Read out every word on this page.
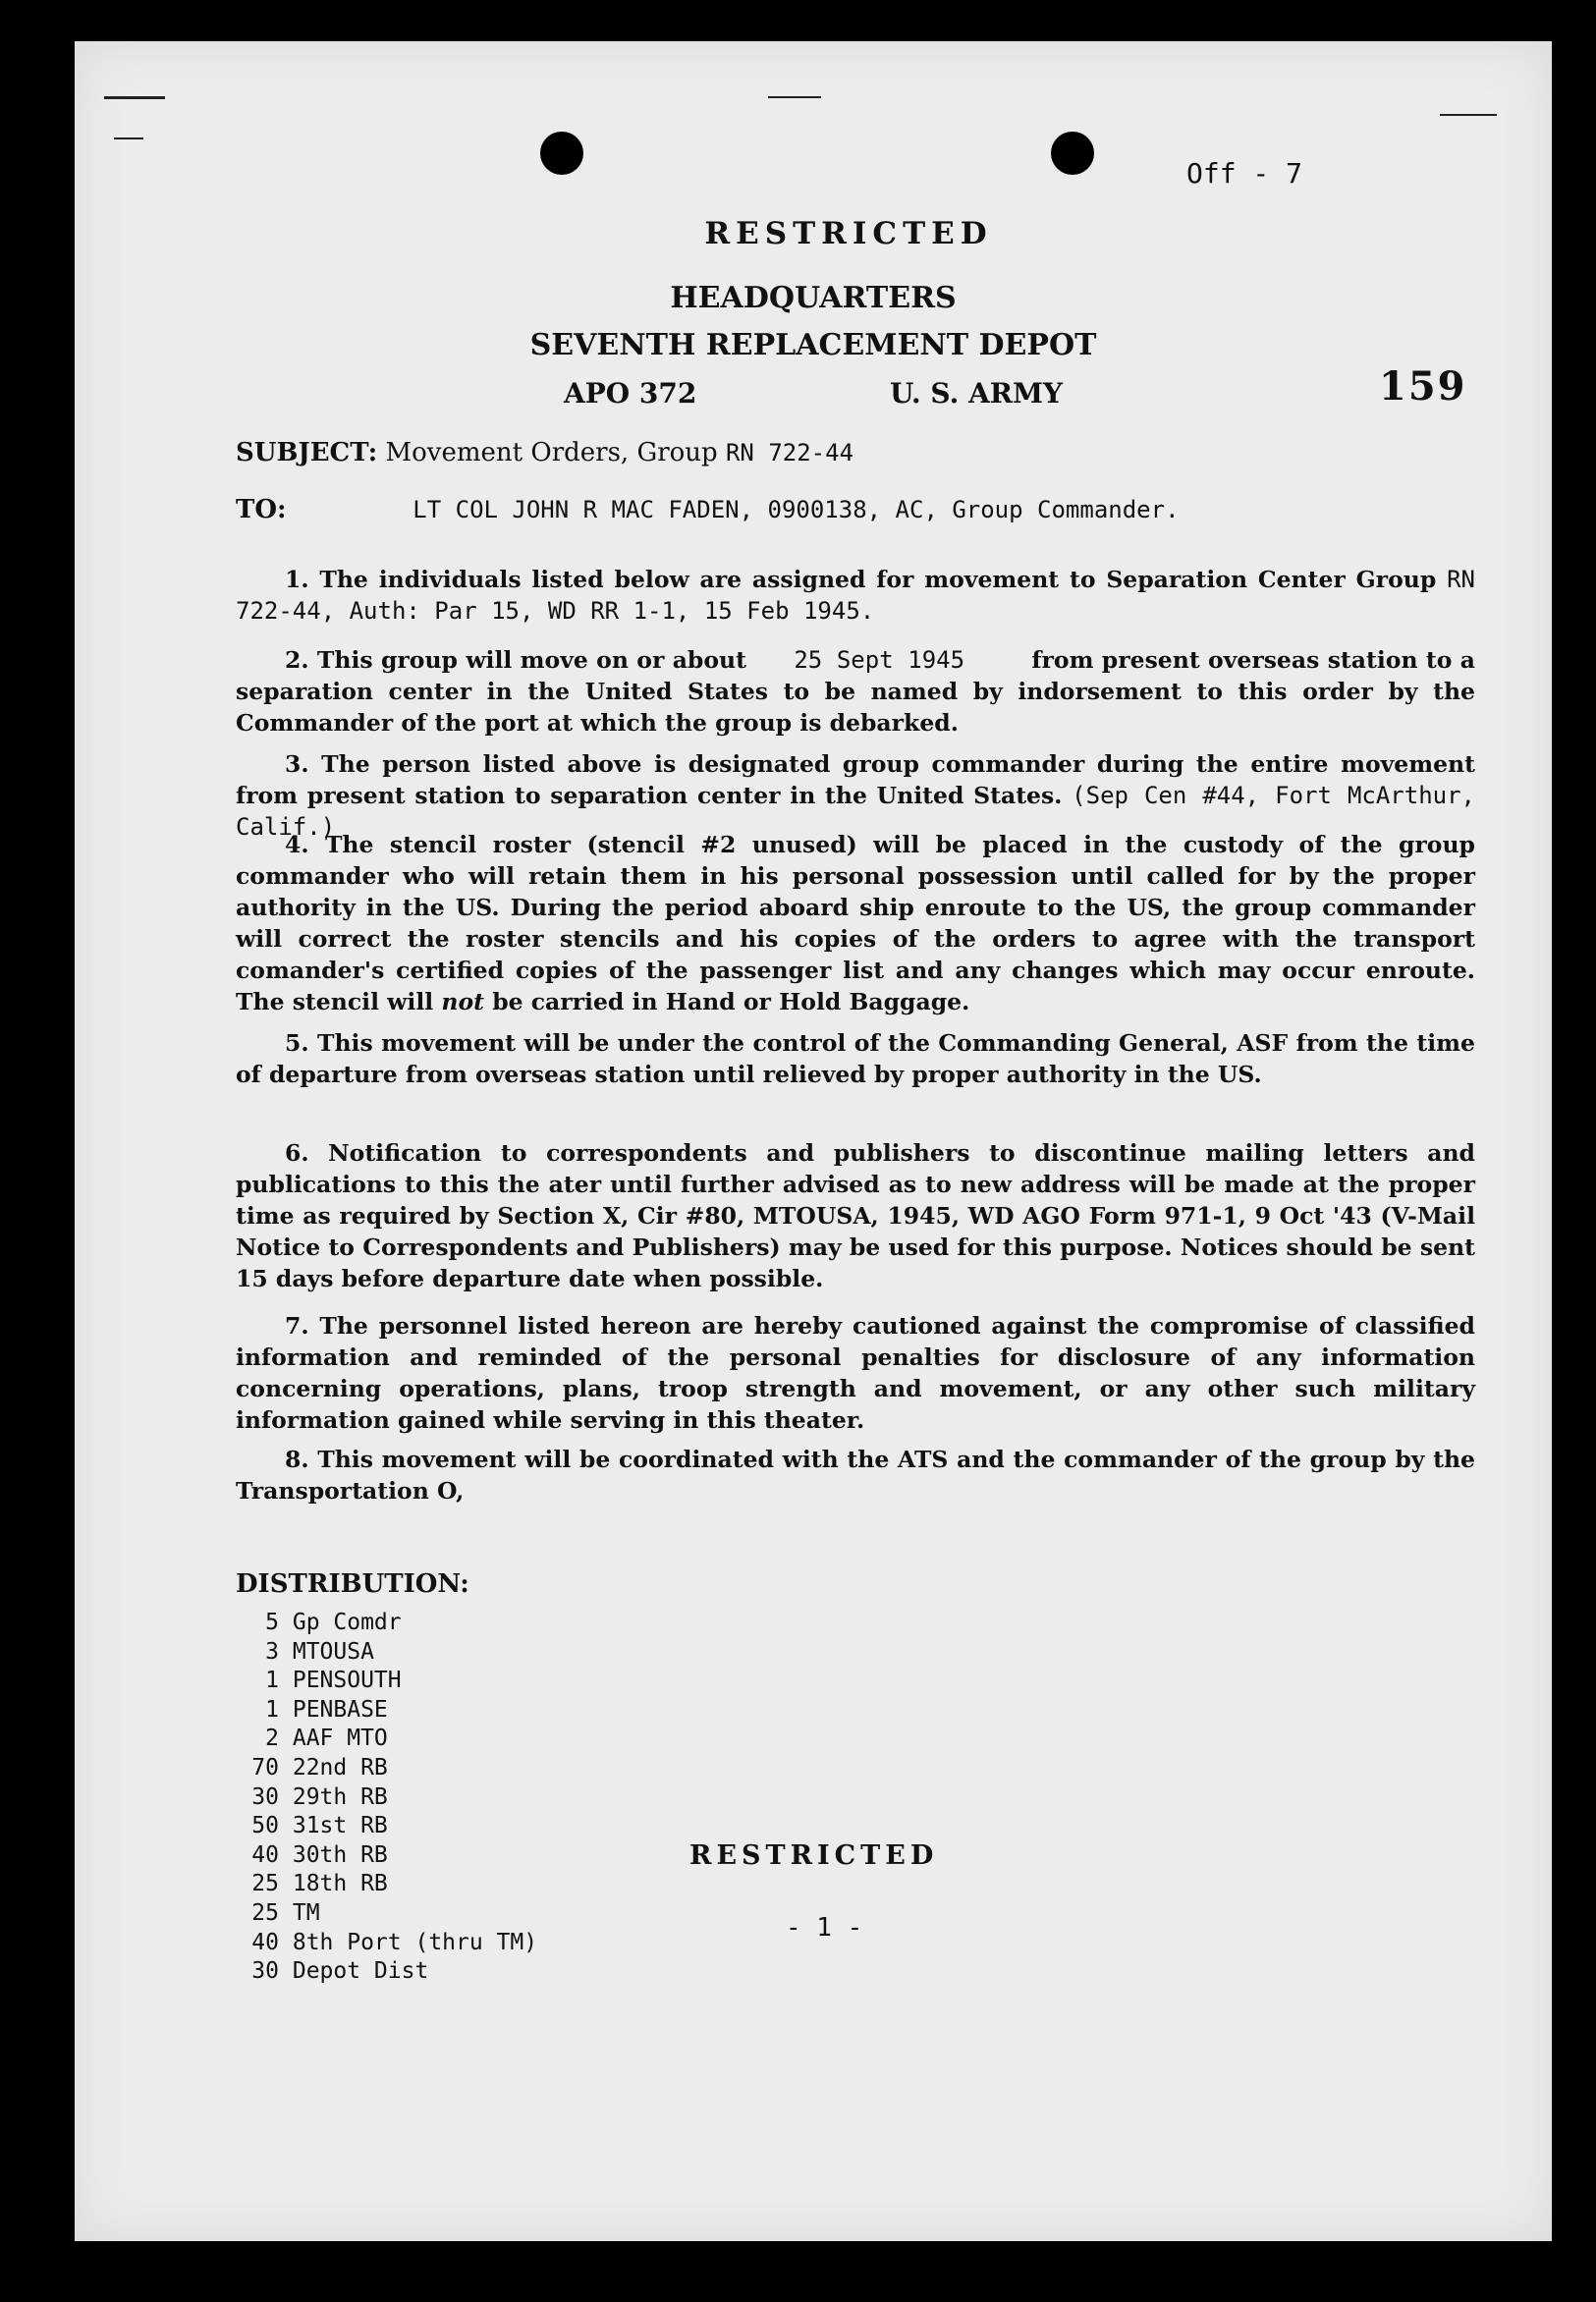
Off - 7
159
RESTRICTED
HEADQUARTERS
SEVENTH REPLACEMENT DEPOT
APO 372	U. S. ARMY
SUBJECT: Movement Orders, Group RN 722-44
TO:	LT COL JOHN R MAC FADEN, 0900138, AC, Group Commander.
1. The individuals listed below are assigned for movement to Separation Center Group RN 722-44, Auth: Par 15, WD RR 1-1, 15 Feb 1945.
2. This group will move on or about 25 Sept 1945	from present overseas station to a separation center in the United States to be named by indorsement to this order by the Commander of the port at which the group is debarked.
3. The person listed above is designated group commander during the entire movement from present station to separation center in the United States. (Sep Cen #44, Fort McArthur, Calif.)
4. The stencil roster (stencil #2 unused) will be placed in the custody of the group commander who will retain them in his personal possession until called for by the proper authority in the US. During the period aboard ship enroute to the US, the group commander will correct the roster stencils and his copies of the orders to agree with the transport comander's certified copies of the passenger list and any changes which may occur enroute. The stencil will not be carried in Hand or Hold Baggage.
5. This movement will be under the control of the Commanding General, ASF from the time of departure from overseas station until relieved by proper authority in the US.
6. Notification to correspondents and publishers to discontinue mailing letters and publications to this the ater until further advised as to new address will be made at the proper time as required by Section X, Cir #80, MTOUSA, 1945, WD AGO Form 971-1, 9 Oct '43 (V-Mail Notice to Correspondents and Publishers) may be used for this purpose. Notices should be sent 15 days before departure date when possible.
7. The personnel listed hereon are hereby cautioned against the compromise of classified information and reminded of the personal penalties for disclosure of any information concerning operations, plans, troop strength and movement, or any other such military information gained while serving in this theater.
8. This movement will be coordinated with the ATS and the commander of the group by the Transportation O,
DISTRIBUTION:
5 Gp Comdr
3 MTOUSA
1 PENSOUTH
1 PENBASE
2 AAF MTO
70 22nd RB
30 29th RB
50 31st RB
40 30th RB
25 18th RB
25 TM
40 8th Port (thru TM)
30 Depot Dist
RESTRICTED
- 1 -
